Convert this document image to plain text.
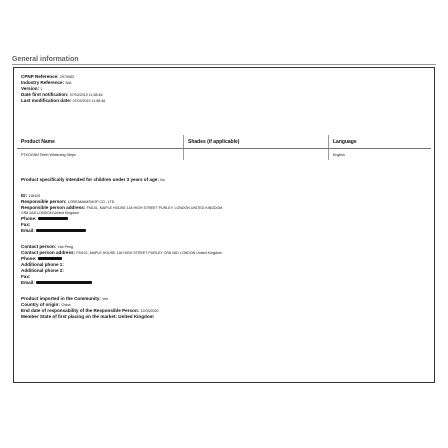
General information
CPNP Reference: 2970983
Industry Reference: N/A
Version: 1
Date first notification: 07/03/2019 11:58:46
Last modification date: 07/03/2019 11:58:46
Product Name	Shades (if applicable)	Language
PTKOONN Teeth Whitening Strips		English
Product specifically intended for children under 3 years of age: No
ID: 118425
Responsible person: LOREAMAMSHOP CO., LTD
Responsible person address: FM101, MAPLE HOUSE 118 HIGH STREET PURLEY, LONDON UNITED KINGDOM
CR8 2AD LONDON United Kingdom
Phone:
Fax:
Email:
Contact person: Yao Peng
Contact person address: FM101, MAPLE HOUSE 118 HIGH STREET PURLEY CR8 2AD LONDON United Kingdom
Phone:
Additional phone 1:
Additional phone 2:
Fax:
Email:
Product imported in the Community: Yes
Country of origin: China
End date of responsability of the Responsible Person: 12/03/2020
Member State of first placing on the market: United Kingdom
